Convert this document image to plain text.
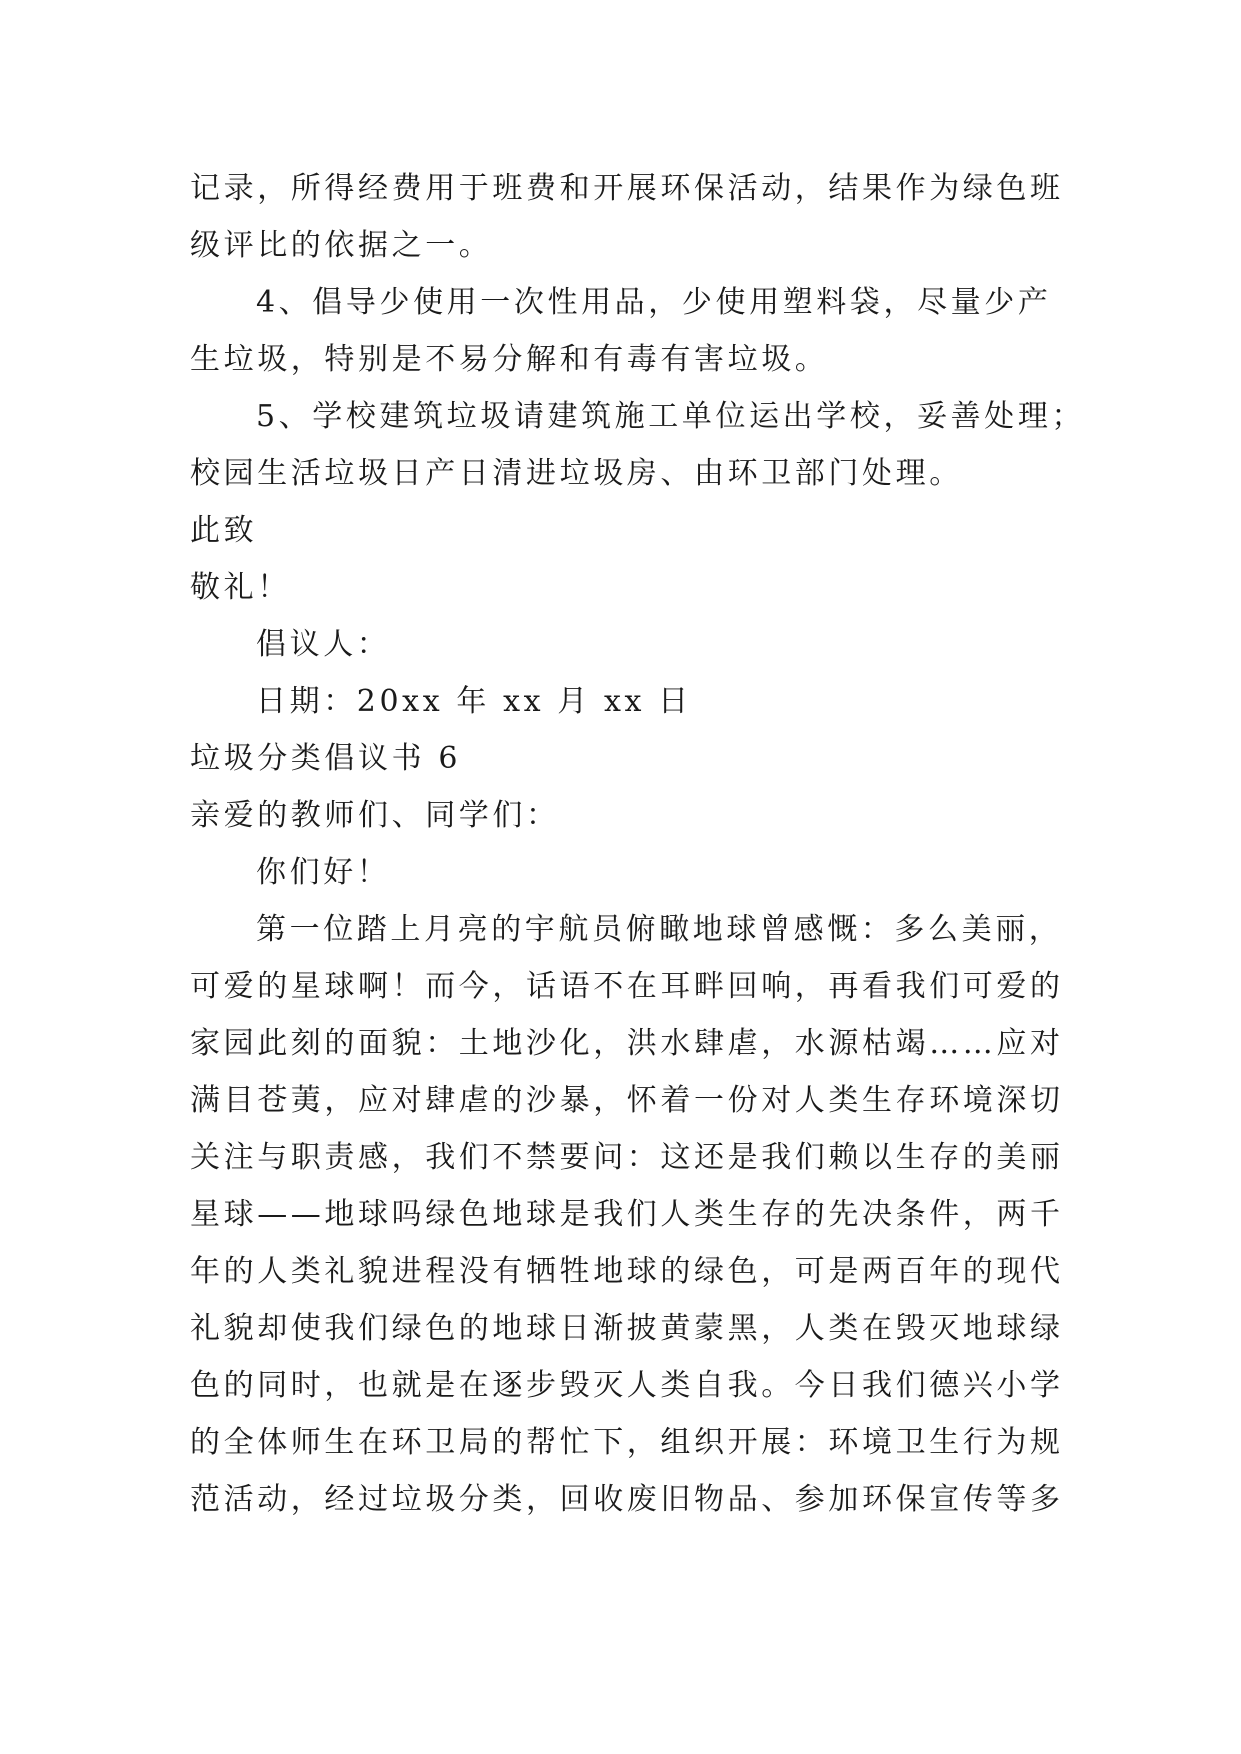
记录，所得经费用于班费和开展环保活动，结果作为绿色班
级评比的依据之一。
4、倡导少使用一次性用品，少使用塑料袋，尽量少产
生垃圾，特别是不易分解和有毒有害垃圾。
5、学校建筑垃圾请建筑施工单位运出学校，妥善处理；
校园生活垃圾日产日清进垃圾房、由环卫部门处理。
此致
敬礼！
倡议人：
日期：20xx 年 xx 月 xx 日
垃圾分类倡议书 6
亲爱的教师们、同学们：
你们好！
第一位踏上月亮的宇航员俯瞰地球曾感慨：多么美丽，
可爱的星球啊！而今，话语不在耳畔回响，再看我们可爱的
家园此刻的面貌：土地沙化，洪水肆虐，水源枯竭……应对
满目苍荑，应对肆虐的沙暴，怀着一份对人类生存环境深切
关注与职责感，我们不禁要问：这还是我们赖以生存的美丽
星球——地球吗绿色地球是我们人类生存的先决条件，两千
年的人类礼貌进程没有牺牲地球的绿色，可是两百年的现代
礼貌却使我们绿色的地球日渐披黄蒙黑，人类在毁灭地球绿
色的同时，也就是在逐步毁灭人类自我。今日我们德兴小学
的全体师生在环卫局的帮忙下，组织开展：环境卫生行为规
范活动，经过垃圾分类，回收废旧物品、参加环保宣传等多
